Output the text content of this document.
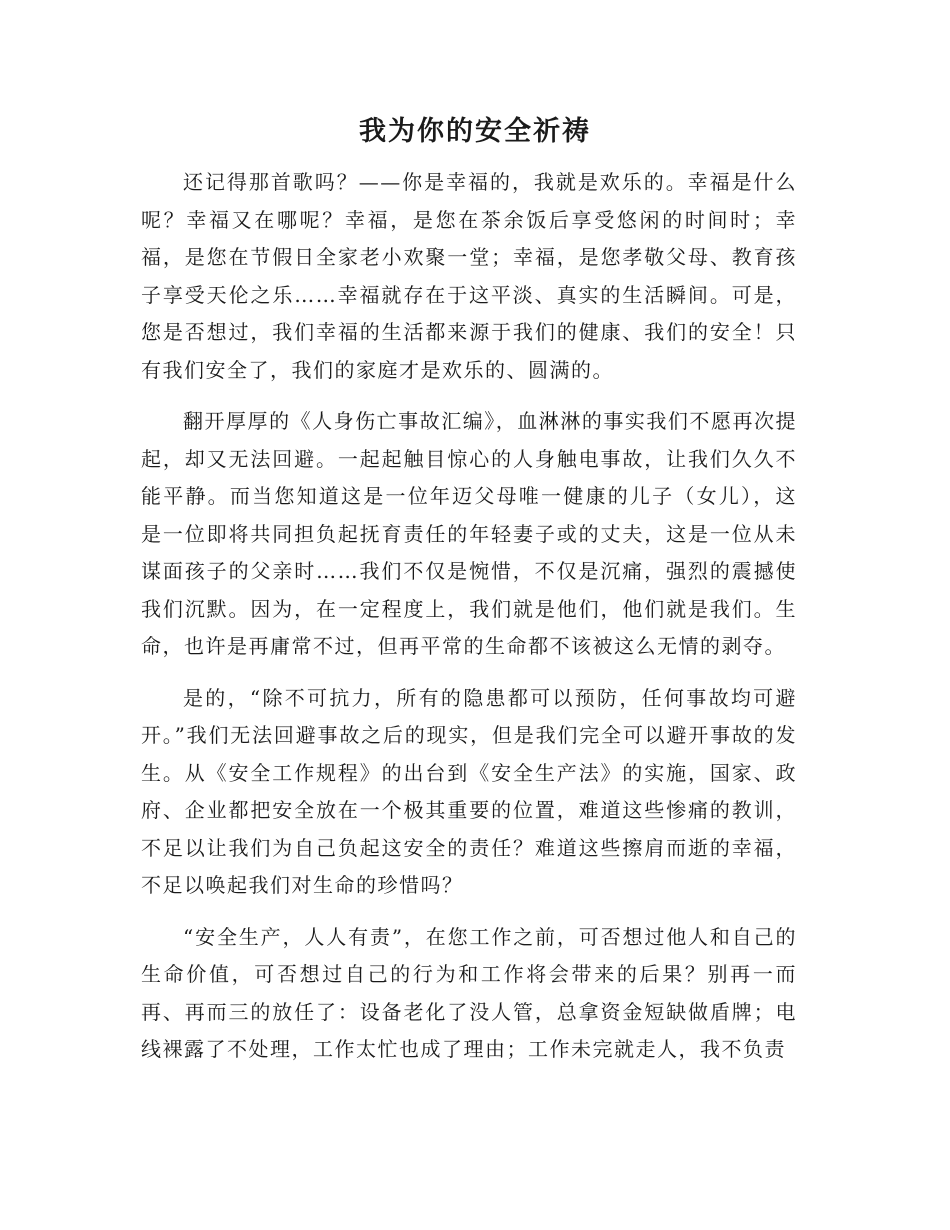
我为你的安全祈祷

还记得那首歌吗？——你是幸福的，我就是欢乐的。幸福是什么呢？幸福又在哪呢？幸福，是您在茶余饭后享受悠闲的时间时；幸福，是您在节假日全家老小欢聚一堂；幸福，是您孝敬父母、教育孩子享受天伦之乐……幸福就存在于这平淡、真实的生活瞬间。可是，您是否想过，我们幸福的生活都来源于我们的健康、我们的安全！只有我们安全了，我们的家庭才是欢乐的、圆满的。

翻开厚厚的《人身伤亡事故汇编》，血淋淋的事实我们不愿再次提起，却又无法回避。一起起触目惊心的人身触电事故，让我们久久不能平静。而当您知道这是一位年迈父母唯一健康的儿子（女儿），这是一位即将共同担负起抚育责任的年轻妻子或的丈夫，这是一位从未谋面孩子的父亲时……我们不仅是惋惜，不仅是沉痛，强烈的震撼使我们沉默。因为，在一定程度上，我们就是他们，他们就是我们。生命，也许是再庸常不过，但再平常的生命都不该被这么无情的剥夺。

是的，“除不可抗力，所有的隐患都可以预防，任何事故均可避开。”我们无法回避事故之后的现实，但是我们完全可以避开事故的发生。从《安全工作规程》的出台到《安全生产法》的实施，国家、政府、企业都把安全放在一个极其重要的位置，难道这些惨痛的教训，不足以让我们为自己负起这安全的责任？难道这些擦肩而逝的幸福，不足以唤起我们对生命的珍惜吗？

“安全生产，人人有责”，在您工作之前，可否想过他人和自己的生命价值，可否想过自己的行为和工作将会带来的后果？别再一而再、再而三的放任了：设备老化了没人管，总拿资金短缺做盾牌；电线裸露了不处理，工作太忙也成了理由；工作未完就走人，我不负责
